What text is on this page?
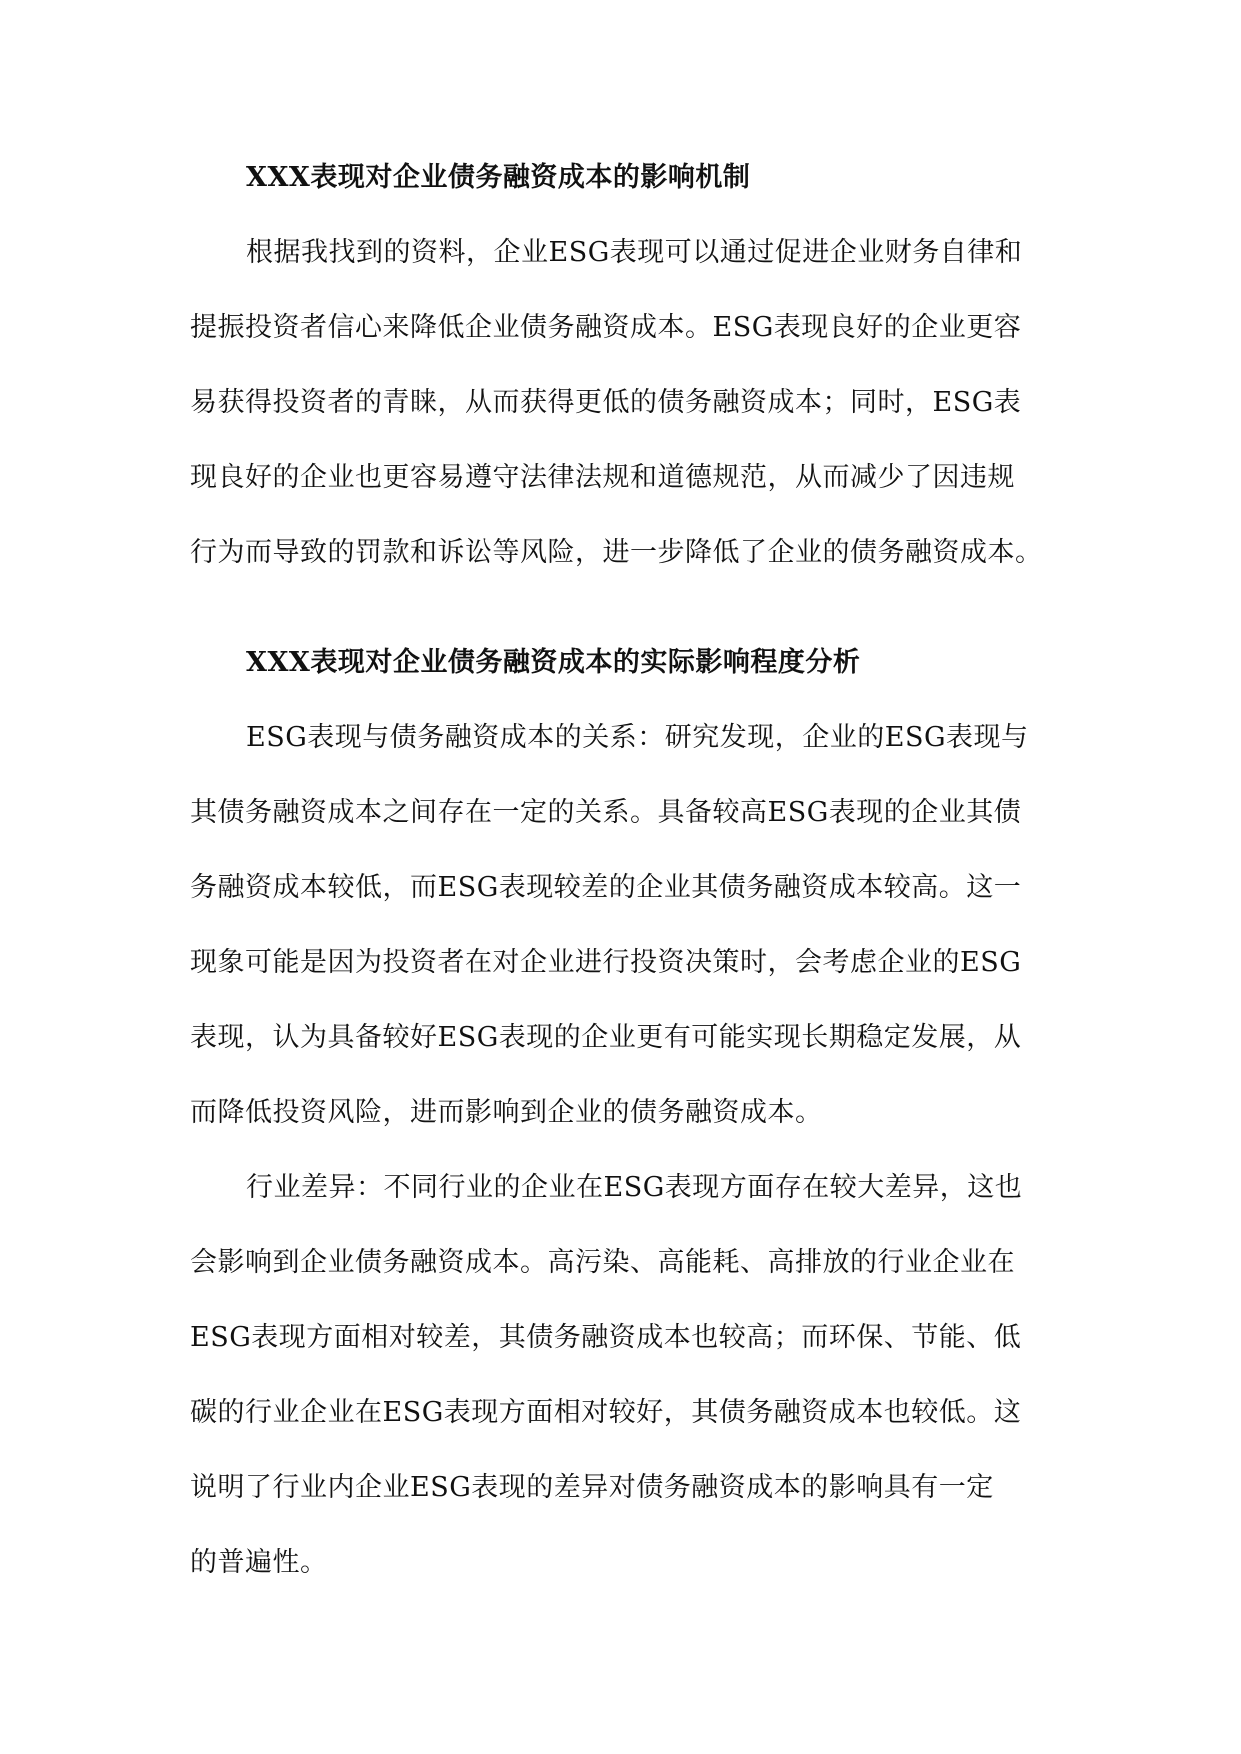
XXX表现对企业债务融资成本的影响机制
根据我找到的资料，企业ESG表现可以通过促进企业财务自律和
提振投资者信心来降低企业债务融资成本。ESG表现良好的企业更容
易获得投资者的青睐，从而获得更低的债务融资成本；同时，ESG表
现良好的企业也更容易遵守法律法规和道德规范，从而减少了因违规
行为而导致的罚款和诉讼等风险，进一步降低了企业的债务融资成本。
XXX表现对企业债务融资成本的实际影响程度分析
ESG表现与债务融资成本的关系：研究发现，企业的ESG表现与
其债务融资成本之间存在一定的关系。具备较高ESG表现的企业其债
务融资成本较低，而ESG表现较差的企业其债务融资成本较高。这一
现象可能是因为投资者在对企业进行投资决策时，会考虑企业的ESG
表现，认为具备较好ESG表现的企业更有可能实现长期稳定发展，从
而降低投资风险，进而影响到企业的债务融资成本。
行业差异：不同行业的企业在ESG表现方面存在较大差异，这也
会影响到企业债务融资成本。高污染、高能耗、高排放的行业企业在
ESG表现方面相对较差，其债务融资成本也较高；而环保、节能、低
碳的行业企业在ESG表现方面相对较好，其债务融资成本也较低。这
说明了行业内企业ESG表现的差异对债务融资成本的影响具有一定
的普遍性。
